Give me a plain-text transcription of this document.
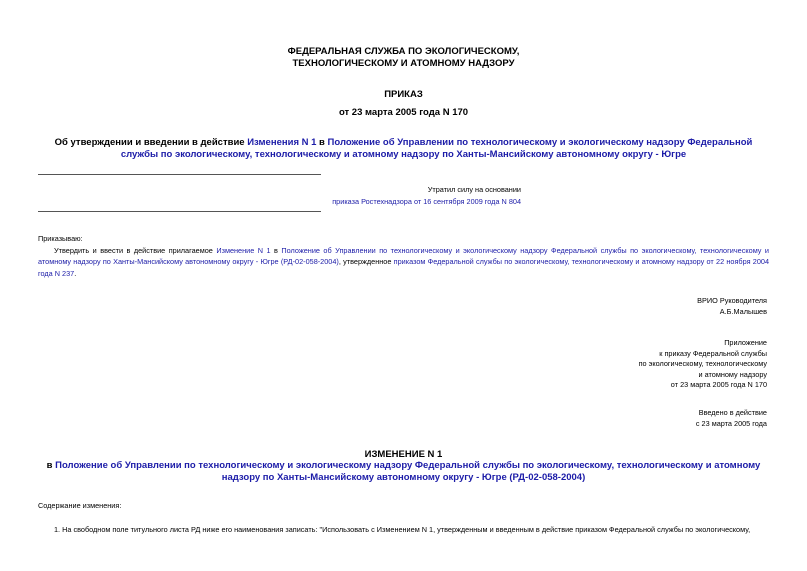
ФЕДЕРАЛЬНАЯ СЛУЖБА ПО ЭКОЛОГИЧЕСКОМУ,
ТЕХНОЛОГИЧЕСКОМУ И АТОМНОМУ НАДЗОРУ
ПРИКАЗ
от 23 марта 2005 года N 170
Об утверждении и введении в действие Изменения N 1 в Положение об Управлении по технологическому и экологическому надзору Федеральной службы по экологическому, технологическому и атомному надзору по Ханты-Мансийскому автономному округу - Югре
Утратил силу на основании
приказа Ростехнадзора от 16 сентября 2009 года N 804
Приказываю:
Утвердить и ввести в действие прилагаемое Изменение N 1 в Положение об Управлении по технологическому и экологическому надзору Федеральной службы по экологическому, технологическому и атомному надзору по Ханты-Мансийскому автономному округу - Югре (РД-02-058-2004), утвержденное приказом Федеральной службы по экологическому, технологическому и атомному надзору от 22 ноября 2004 года N 237.
ВРИО Руководителя
А.Б.Малышев
Приложение
к приказу Федеральной службы
по экологическому, технологическому
и атомному надзору
от 23 марта 2005 года N 170
Введено в действие
с 23 марта 2005 года
ИЗМЕНЕНИЕ N 1
в Положение об Управлении по технологическому и экологическому надзору Федеральной службы по экологическому, технологическому и атомному надзору по Ханты-Мансийскому автономному округу - Югре (РД-02-058-2004)
Содержание изменения:
1. На свободном поле титульного листа РД ниже его наименования записать: "Использовать с Изменением N 1, утвержденным и введенным в действие приказом Федеральной службы по экологическому,
